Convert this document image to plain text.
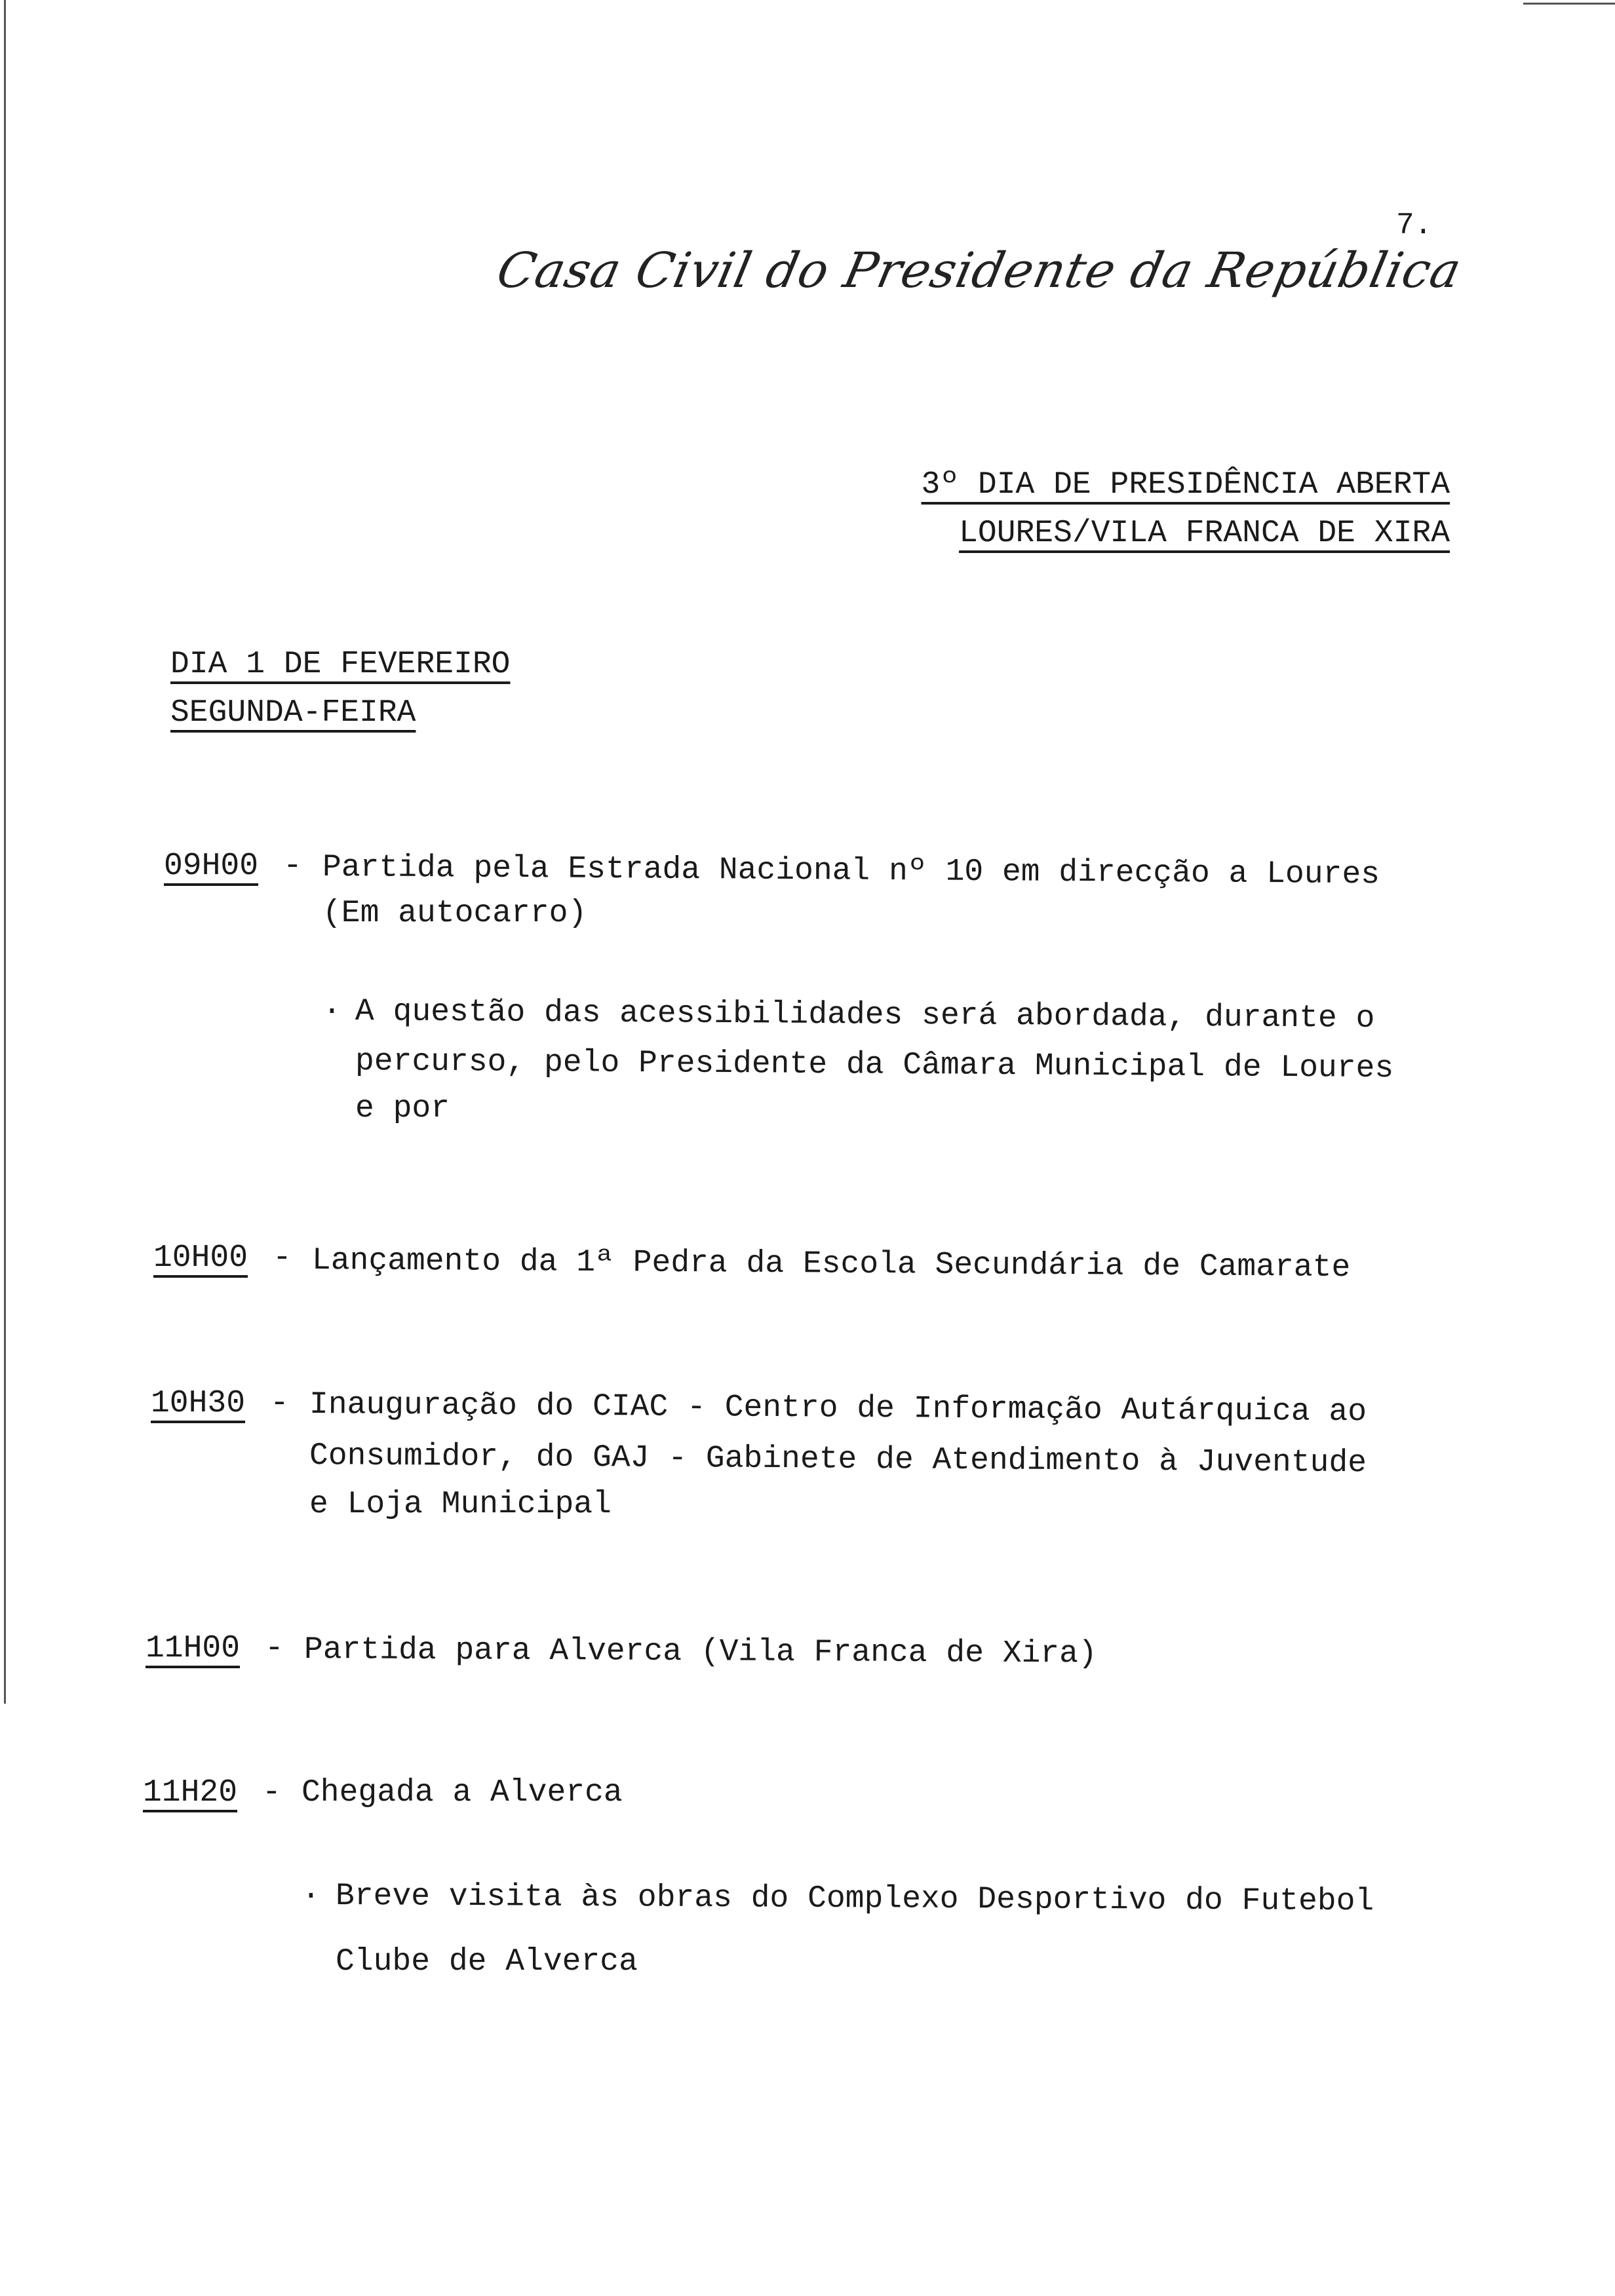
7.
Casa Civil do Presidente da República
3º DIA DE PRESIDÊNCIA ABERTA
LOURES/VILA FRANCA DE XIRA
DIA 1 DE FEVEREIRO
SEGUNDA-FEIRA
09H00 - Partida pela Estrada Nacional nº 10 em direcção a Loures
(Em autocarro)
· A questão das acessibilidades será abordada, durante o
percurso, pelo Presidente da Câmara Municipal de Loures
e por
10H00 - Lançamento da 1ª Pedra da Escola Secundária de Camarate
10H30 - Inauguração do CIAC - Centro de Informação Autárquica ao
Consumidor, do GAJ - Gabinete de Atendimento à Juventude
e Loja Municipal
11H00 - Partida para Alverca (Vila Franca de Xira)
11H20 - Chegada a Alverca
· Breve visita às obras do Complexo Desportivo do Futebol
Clube de Alverca
